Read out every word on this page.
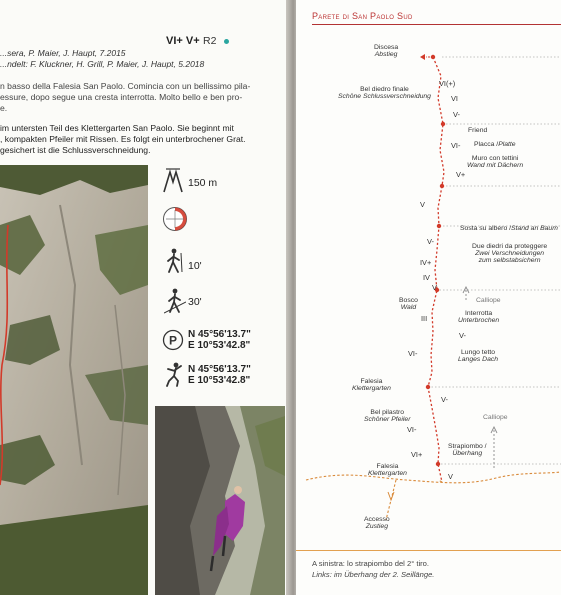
...sera, P. Maier, J. Haupt, 7.2015
...ndelt: F. Kluckner, H. Grill, P. Maier, J. Haupt, 5.2018
VI+ V+ R2
n basso della Falesia San Paolo. Comincia con un bellissimo pila-
essure, dopo segue una cresta interrotta. Molto bello e ben pro-
e.
im untersten Teil des Klettergarten San Paolo. Sie beginnt mit
, kompakten Pfeiler mit Rissen. Es folgt ein unterbrochener Grat.
gesichert ist die Schlussverschneidung.
150 m
10'
30'
P N 45°56'13.7"
E 10°53'42.8"
N 45°56'13.7"
E 10°53'42.8"
Parete di San Paolo Sud
Discesa
Abstieg
Bel diedro finale
Schöne Schlussverschneidung
Friend
Placca /Platte
Muro con tettini
Wand mit Dächern
Sosta su albero /Stand an Baum
Due diedri da proteggere
Zwei Verschneidungen
zum selbstabsichern
Calliope
Bosco
Wald
Interrotta
Unterbrochen
Lungo tetto
Langes Dach
Falesia
Klettergarten
Bel pilastro
Schöner Pfeiler	Calliope
Strapiombo /
Überhang
Falesia
Klettergarten
Accesso
Zustieg
VI(+)
VI
V-
VI-
V+
V
V-
IV+
IV
V
III
V-
VI-
V-
VI-
VI+
V
A sinistra: lo strapiombo del 2° tiro.
Links: im Überhang der 2. Seillänge.
